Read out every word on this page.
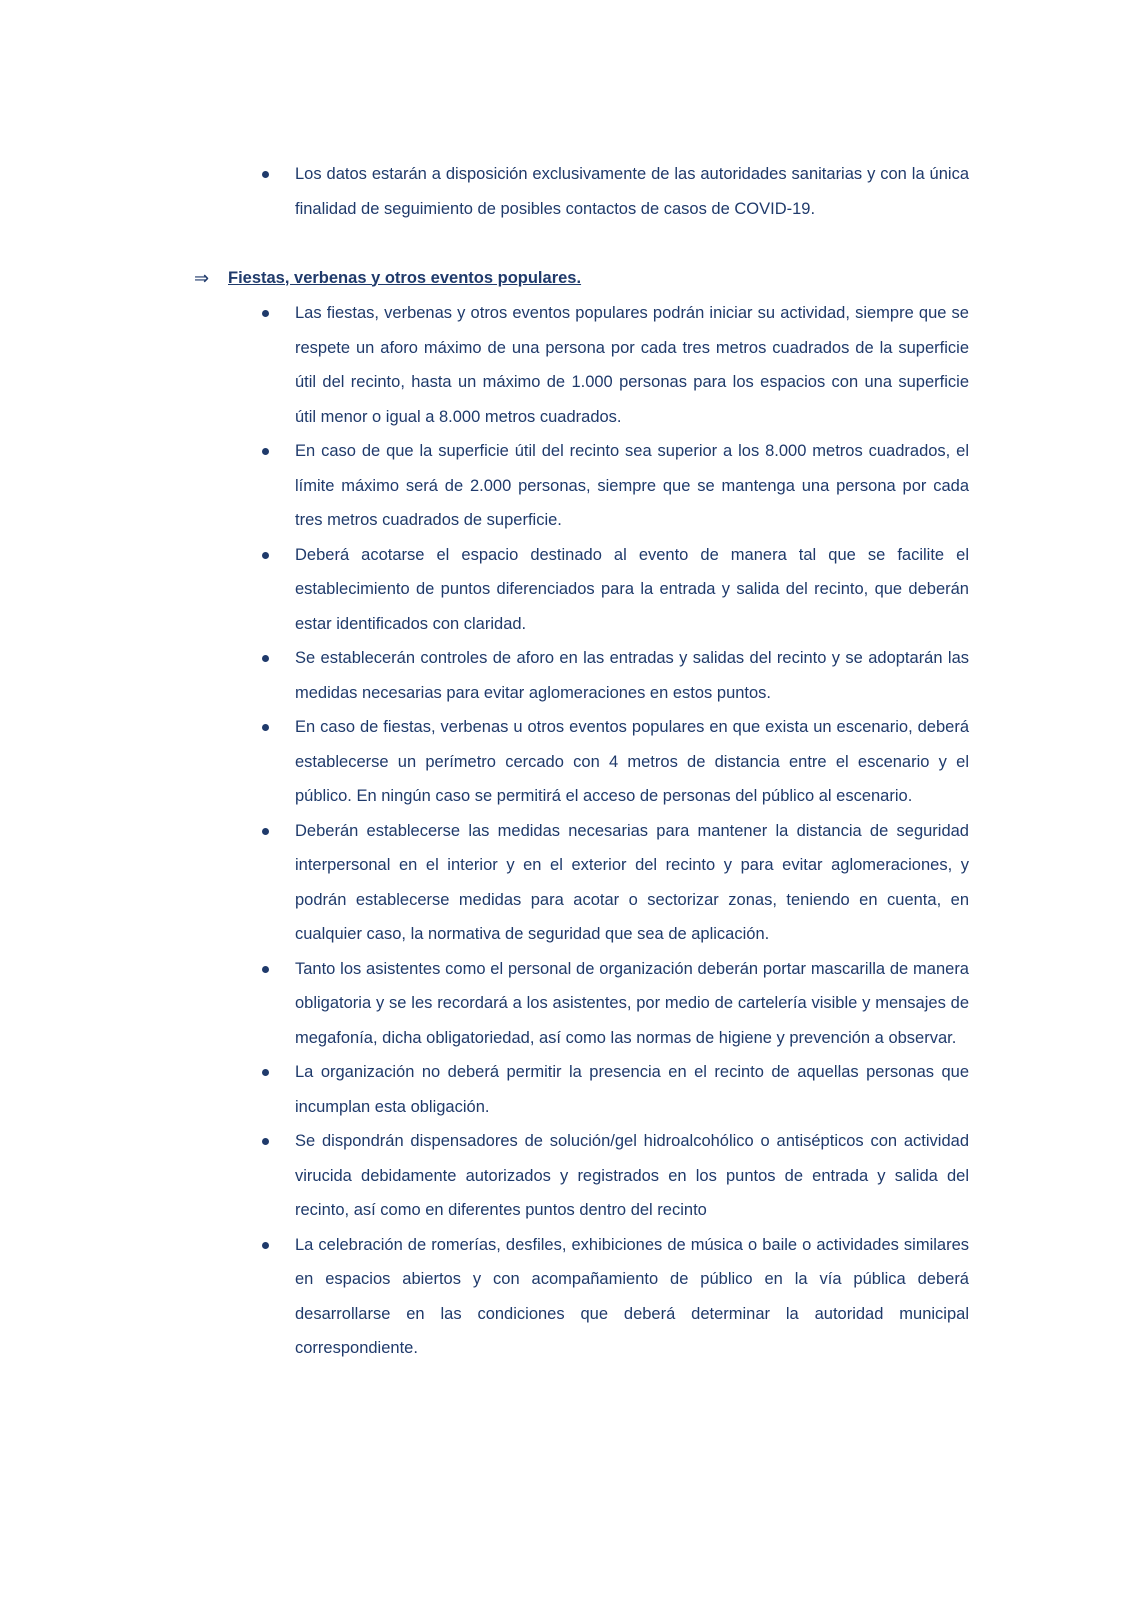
Los datos estarán a disposición exclusivamente de las autoridades sanitarias y con la única finalidad de seguimiento de posibles contactos de casos de COVID-19.
⇒	Fiestas, verbenas y otros eventos populares.
Las fiestas, verbenas y otros eventos populares podrán iniciar su actividad, siempre que se respete un aforo máximo de una persona por cada tres metros cuadrados de la superficie útil del recinto, hasta un máximo de 1.000 personas para los espacios con una superficie útil menor o igual a 8.000 metros cuadrados.
En caso de que la superficie útil del recinto sea superior a los 8.000 metros cuadrados, el límite máximo será de 2.000 personas, siempre que se mantenga una persona por cada tres metros cuadrados de superficie.
Deberá acotarse el espacio destinado al evento de manera tal que se facilite el establecimiento de puntos diferenciados para la entrada y salida del recinto, que deberán estar identificados con claridad.
Se establecerán controles de aforo en las entradas y salidas del recinto y se adoptarán las medidas necesarias para evitar aglomeraciones en estos puntos.
En caso de fiestas, verbenas u otros eventos populares en que exista un escenario, deberá establecerse un perímetro cercado con 4 metros de distancia entre el escenario y el público. En ningún caso se permitirá el acceso de personas del público al escenario.
Deberán establecerse las medidas necesarias para mantener la distancia de seguridad interpersonal en el interior y en el exterior del recinto y para evitar aglomeraciones, y podrán establecerse medidas para acotar o sectorizar zonas, teniendo en cuenta, en cualquier caso, la normativa de seguridad que sea de aplicación.
Tanto los asistentes como el personal de organización deberán portar mascarilla de manera obligatoria y se les recordará a los asistentes, por medio de cartelería visible y mensajes de megafonía, dicha obligatoriedad, así como las normas de higiene y prevención a observar.
La organización no deberá permitir la presencia en el recinto de aquellas personas que incumplan esta obligación.
Se dispondrán dispensadores de solución/gel hidroalcohólico o antisépticos con actividad virucida debidamente autorizados y registrados en los puntos de entrada y salida del recinto, así como en diferentes puntos dentro del recinto
La celebración de romerías, desfiles, exhibiciones de música o baile o actividades similares en espacios abiertos y con acompañamiento de público en la vía pública deberá desarrollarse en las condiciones que deberá determinar la autoridad municipal correspondiente.
